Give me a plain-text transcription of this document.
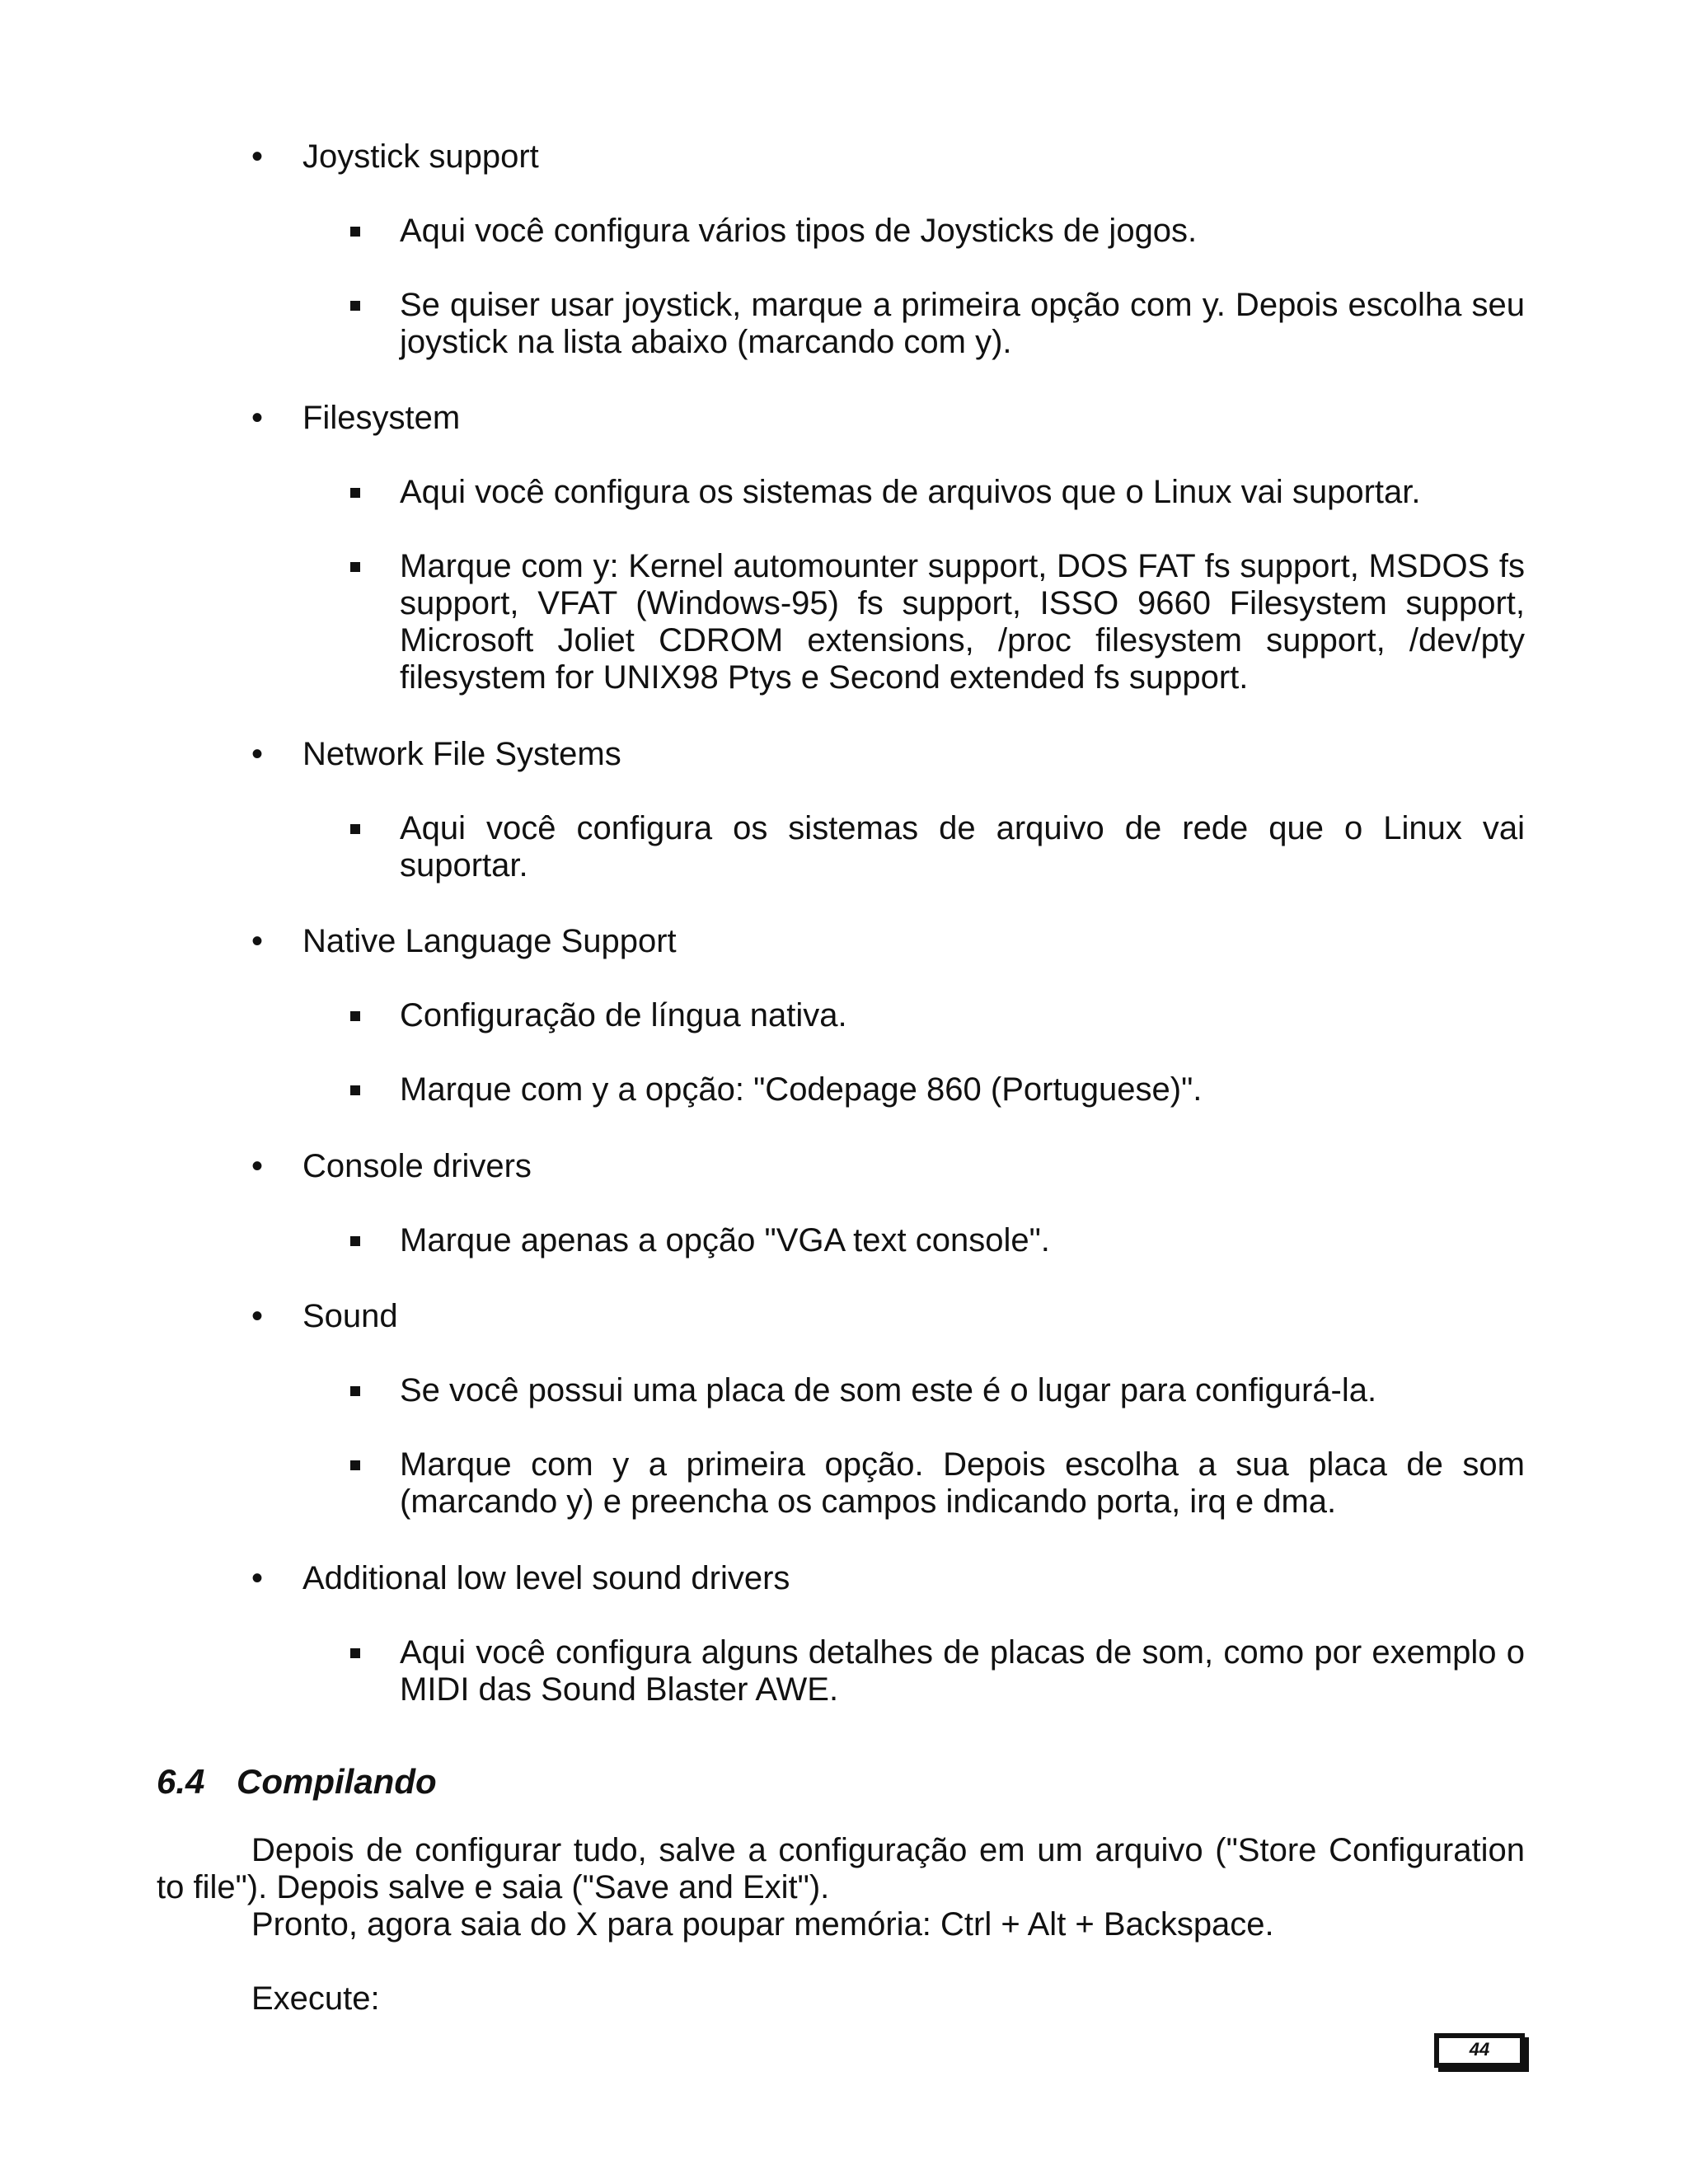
•	Joystick support
Aqui você configura vários tipos de Joysticks de jogos.
Se quiser usar joystick, marque a primeira opção com y. Depois escolha seu joystick na lista abaixo (marcando com y).
•	Filesystem
Aqui você configura os sistemas de arquivos que o Linux vai suportar.
Marque com y: Kernel automounter support, DOS FAT fs support, MSDOS fs support, VFAT (Windows-95) fs support, ISSO 9660 Filesystem support, Microsoft Joliet CDROM extensions, /proc filesystem support, /dev/pty filesystem for UNIX98 Ptys e Second extended fs support.
•	Network File Systems
Aqui você configura os sistemas de arquivo de rede que o Linux vai suportar.
•	Native Language Support
Configuração de língua nativa.
Marque com y a opção: "Codepage 860 (Portuguese)".
•	Console drivers
Marque apenas a opção "VGA text console".
•	Sound
Se você possui uma placa de som este é o lugar para configurá-la.
Marque com y a primeira opção. Depois escolha a sua placa de som (marcando y) e preencha os campos indicando porta, irq e dma.
•	Additional low level sound drivers
Aqui você configura alguns detalhes de placas de som, como por exemplo o MIDI das Sound Blaster AWE.
6.4 Compilando
Depois de configurar tudo, salve a configuração em um arquivo ("Store Configuration
to file"). Depois salve e saia ("Save and Exit").
Pronto, agora saia do X para poupar memória: Ctrl + Alt + Backspace.
Execute:
44
